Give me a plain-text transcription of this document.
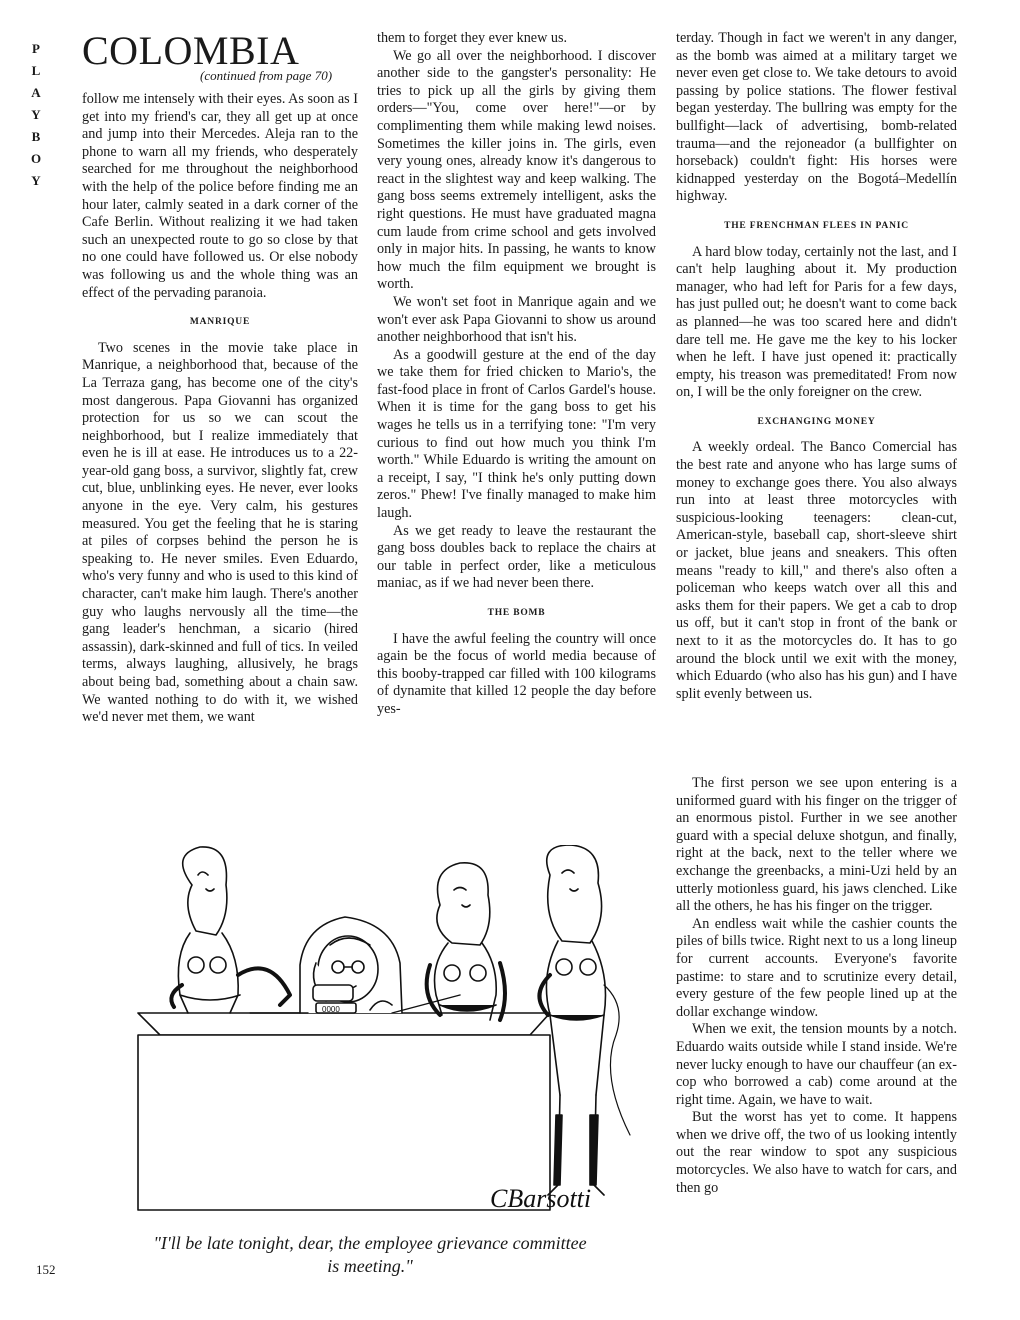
P
L
A
Y
B
O
Y
COLOMBIA
(continued from page 70)

follow me intensely with their eyes. As soon as I get into my friend's car, they all get up at once and jump into their Mercedes. Aleja ran to the phone to warn all my friends, who desperately searched for me throughout the neighborhood with the help of the police before finding me an hour later, calmly seated in a dark corner of the Cafe Berlin. Without realizing it we had taken such an unexpected route to go so close by that no one could have followed us. Or else nobody was following us and the whole thing was an effect of the pervading paranoia.

MANRIQUE

Two scenes in the movie take place in Manrique, a neighborhood that, because of the La Terraza gang, has become one of the city's most dangerous. Papa Giovanni has organized protection for us so we can scout the neighborhood, but I realize immediately that even he is ill at ease. He introduces us to a 22-year-old gang boss, a survivor, slightly fat, crew cut, blue, unblinking eyes. He never, ever looks anyone in the eye. Very calm, his gestures measured. You get the feeling that he is staring at piles of corpses behind the person he is speaking to. He never smiles. Even Eduardo, who's very funny and who is used to this kind of character, can't make him laugh. There's another guy who laughs nervously all the time—the gang leader's henchman, a sicario (hired assassin), dark-skinned and full of tics. In veiled terms, always laughing, allusively, he brags about being bad, something about a chain saw. We wanted nothing to do with it, we wished we'd never met them, we want

them to forget they ever knew us.

We go all over the neighborhood. I discover another side to the gangster's personality: He tries to pick up all the girls by giving them orders—"You, come over here!"—or by complimenting them while making lewd noises. Sometimes the killer joins in. The girls, even very young ones, already know it's dangerous to react in the slightest way and keep walking. The gang boss seems extremely intelligent, asks the right questions. He must have graduated magna cum laude from crime school and gets involved only in major hits. In passing, he wants to know how much the film equipment we brought is worth.

We won't set foot in Manrique again and we won't ever ask Papa Giovanni to show us around another neighborhood that isn't his.

As a goodwill gesture at the end of the day we take them for fried chicken to Mario's, the fast-food place in front of Carlos Gardel's house. When it is time for the gang boss to get his wages he tells us in a terrifying tone: "I'm very curious to find out how much you think I'm worth." While Eduardo is writing the amount on a receipt, I say, "I think he's only putting down zeros." Phew! I've finally managed to make him laugh.

As we get ready to leave the restaurant the gang boss doubles back to replace the chairs at our table in perfect order, like a meticulous maniac, as if we had never been there.

THE BOMB

I have the awful feeling the country will once again be the focus of world media because of this booby-trapped car filled with 100 kilograms of dynamite that killed 12 people the day before yes-

terday. Though in fact we weren't in any danger, as the bomb was aimed at a military target we never even get close to. We take detours to avoid passing by police stations. The flower festival began yesterday. The bullring was empty for the bullfight—lack of advertising, bomb-related trauma—and the rejoneador (a bullfighter on horseback) couldn't fight: His horses were kidnapped yesterday on the Bogotá–Medellín highway.

THE FRENCHMAN FLEES IN PANIC

A hard blow today, certainly not the last, and I can't help laughing about it. My production manager, who had left for Paris for a few days, has just pulled out; he doesn't want to come back as planned—he was too scared here and didn't dare tell me. He gave me the key to his locker when he left. I have just opened it: practically empty, his treason was premeditated! From now on, I will be the only foreigner on the crew.

EXCHANGING MONEY

A weekly ordeal. The Banco Comercial has the best rate and anyone who has large sums of money to exchange goes there. You also always run into at least three motorcycles with suspicious-looking teenagers: clean-cut, American-style, baseball cap, short-sleeve shirt or jacket, blue jeans and sneakers. This often means "ready to kill," and there's also often a policeman who keeps watch over all this and asks them for their papers. We get a cab to drop us off, but it can't stop in front of the bank or next to it as the motorcycles do. It has to go around the block until we exit with the money, which Eduardo (who also has his gun) and I have split evenly between us.

The first person we see upon entering is a uniformed guard with his finger on the trigger of an enormous pistol. Further in we see another guard with a special deluxe shotgun, and finally, right at the back, next to the teller where we exchange the greenbacks, a mini-Uzi held by an utterly motionless guard, his jaws clenched. Like all the others, he has his finger on the trigger.

An endless wait while the cashier counts the piles of bills twice. Right next to us a long lineup for current accounts. Everyone's favorite pastime: to stare and to scrutinize every detail, every gesture of the few people lined up at the dollar exchange window.

When we exit, the tension mounts by a notch. Eduardo waits outside while I stand inside. We're never lucky enough to have our chauffeur (an ex-cop who borrowed a cab) come around at the right time. Again, we have to wait.

But the worst has yet to come. It happens when we drive off, the two of us looking intently out the rear window to spot any suspicious motorcycles. We also have to watch for cars, and then go

0000
CBarsotti
"I'll be late tonight, dear, the employee grievance committee is meeting."
152
